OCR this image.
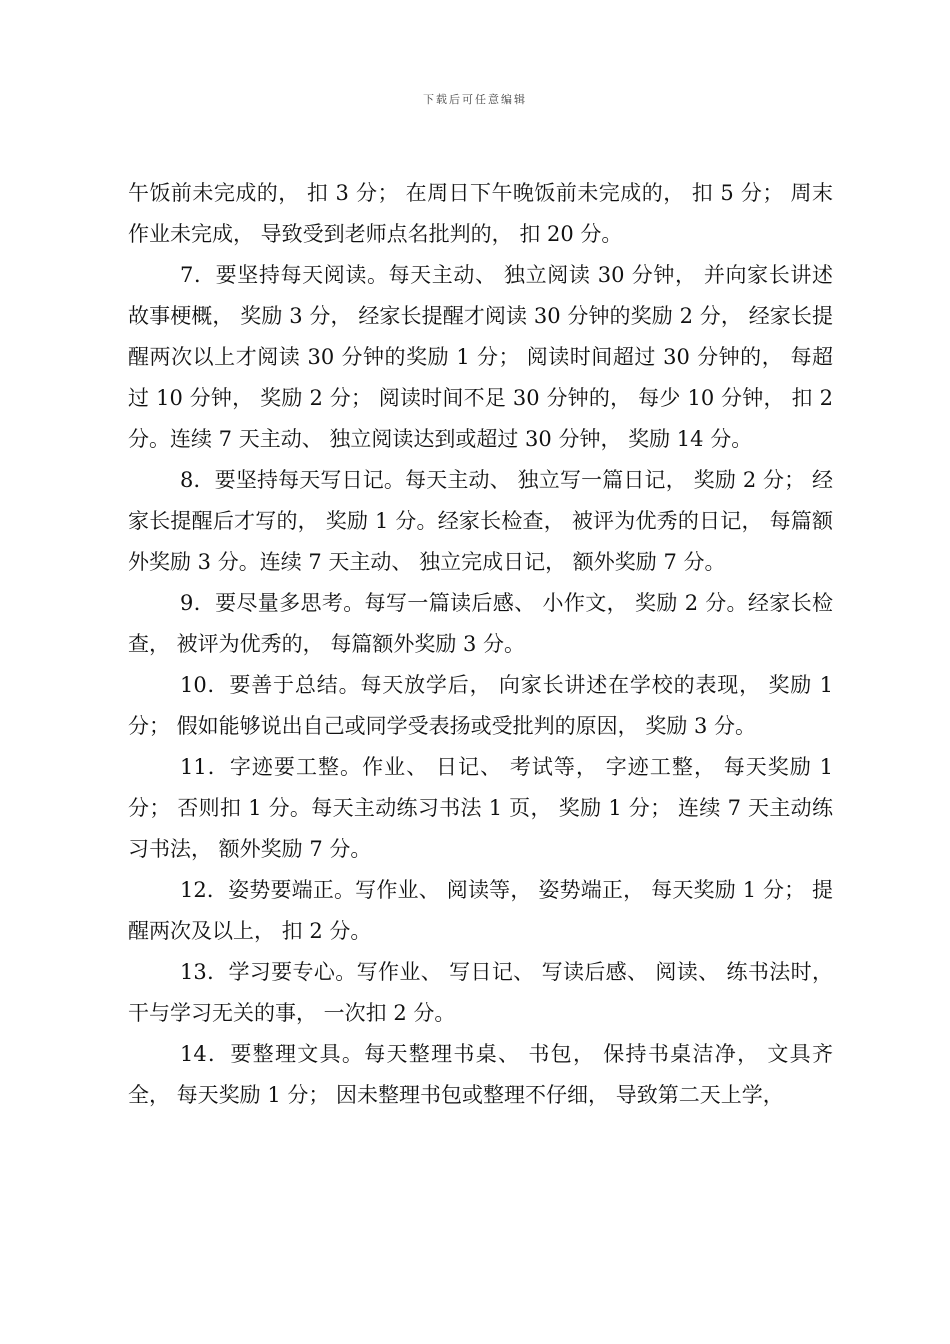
下载后可任意编辑

午饭前未完成的， 扣 3 分； 在周日下午晚饭前未完成的， 扣 5 分； 周末作业未完成， 导致受到老师点名批判的， 扣 20 分。

7．要坚持每天阅读。每天主动、 独立阅读 30 分钟， 并向家长讲述故事梗概， 奖励 3 分， 经家长提醒才阅读 30 分钟的奖励 2 分， 经家长提醒两次以上才阅读 30 分钟的奖励 1 分； 阅读时间超过 30 分钟的， 每超过 10 分钟， 奖励 2 分； 阅读时间不足 30 分钟的， 每少 10 分钟， 扣 2 分。连续 7 天主动、 独立阅读达到或超过 30 分钟， 奖励 14 分。

8．要坚持每天写日记。每天主动、 独立写一篇日记， 奖励 2 分； 经家长提醒后才写的， 奖励 1 分。经家长检查， 被评为优秀的日记， 每篇额外奖励 3 分。连续 7 天主动、 独立完成日记， 额外奖励 7 分。

9．要尽量多思考。每写一篇读后感、 小作文， 奖励 2 分。经家长检查， 被评为优秀的， 每篇额外奖励 3 分。

10．要善于总结。每天放学后， 向家长讲述在学校的表现， 奖励 1 分； 假如能够说出自己或同学受表扬或受批判的原因， 奖励 3 分。

11．字迹要工整。作业、 日记、 考试等， 字迹工整， 每天奖励 1 分； 否则扣 1 分。每天主动练习书法 1 页， 奖励 1 分； 连续 7 天主动练习书法， 额外奖励 7 分。

12．姿势要端正。写作业、 阅读等， 姿势端正， 每天奖励 1 分； 提醒两次及以上， 扣 2 分。

13．学习要专心。写作业、 写日记、 写读后感、 阅读、 练书法时， 干与学习无关的事， 一次扣 2 分。

14．要整理文具。每天整理书桌、 书包， 保持书桌洁净， 文具齐全， 每天奖励 1 分； 因未整理书包或整理不仔细， 导致第二天上学，
